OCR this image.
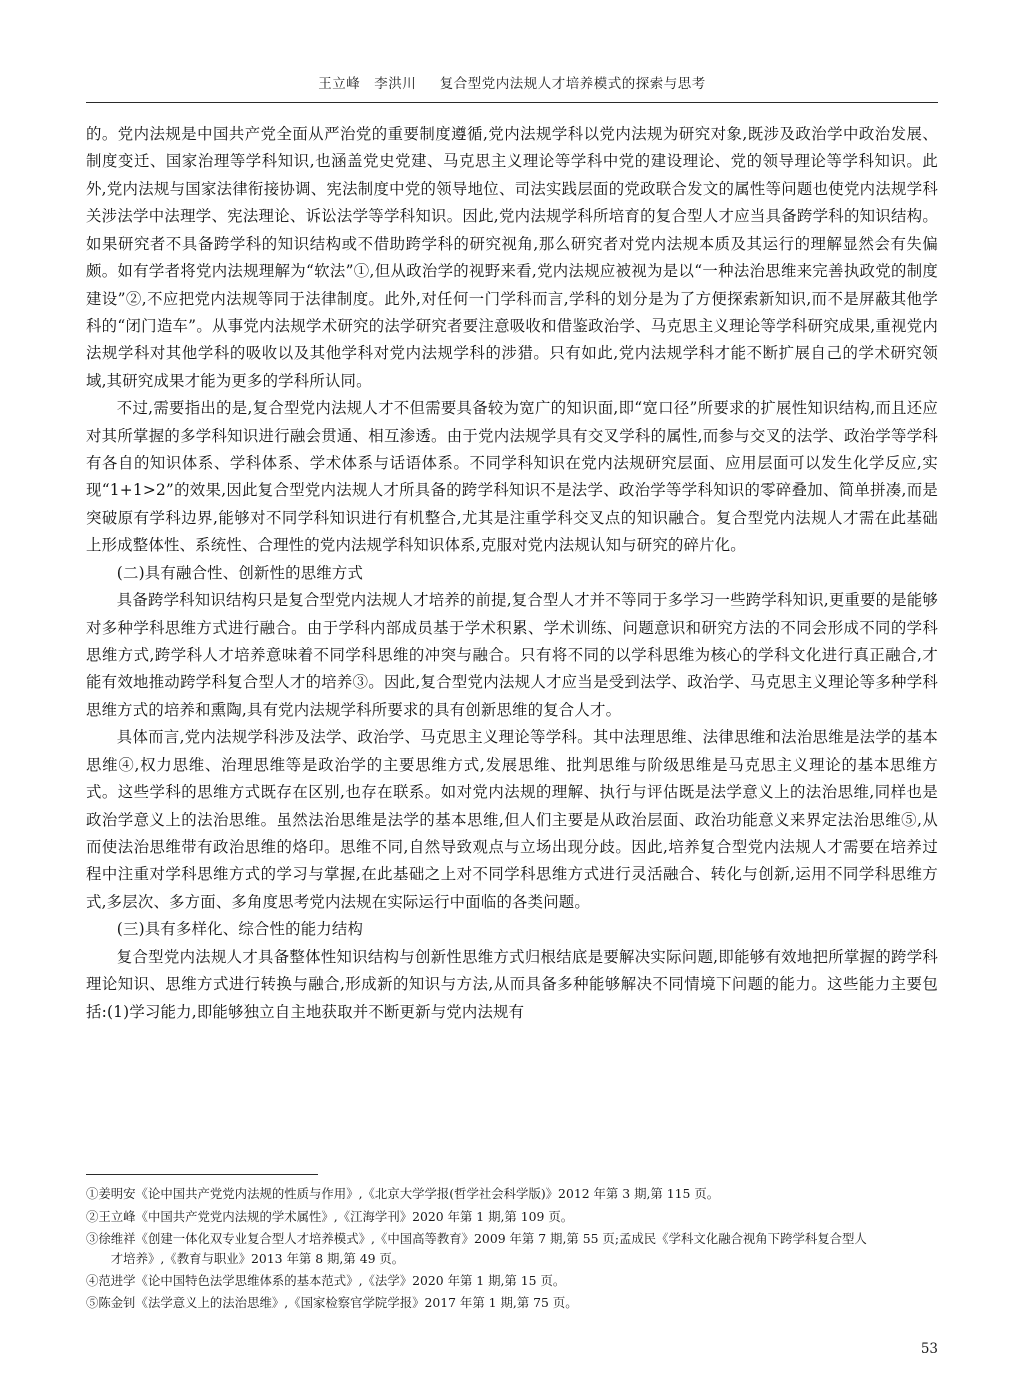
王立峰　李洪川 复合型党内法规人才培养模式的探索与思考

的。党内法规是中国共产党全面从严治党的重要制度遵循,党内法规学科以党内法规为研究对象,既涉及政治学中政治发展、制度变迁、国家治理等学科知识,也涵盖党史党建、马克思主义理论等学科中党的建设理论、党的领导理论等学科知识。此外,党内法规与国家法律衔接协调、宪法制度中党的领导地位、司法实践层面的党政联合发文的属性等问题也使党内法规学科关涉法学中法理学、宪法理论、诉讼法学等学科知识。因此,党内法规学科所培育的复合型人才应当具备跨学科的知识结构。如果研究者不具备跨学科的知识结构或不借助跨学科的研究视角,那么研究者对党内法规本质及其运行的理解显然会有失偏颇。如有学者将党内法规理解为“软法”①,但从政治学的视野来看,党内法规应被视为是以“一种法治思维来完善执政党的制度建设”②,不应把党内法规等同于法律制度。此外,对任何一门学科而言,学科的划分是为了方便探索新知识,而不是屏蔽其他学科的“闭门造车”。从事党内法规学术研究的法学研究者要注意吸收和借鉴政治学、马克思主义理论等学科研究成果,重视党内法规学科对其他学科的吸收以及其他学科对党内法规学科的涉猎。只有如此,党内法规学科才能不断扩展自己的学术研究领域,其研究成果才能为更多的学科所认同。

不过,需要指出的是,复合型党内法规人才不但需要具备较为宽广的知识面,即“宽口径”所要求的扩展性知识结构,而且还应对其所掌握的多学科知识进行融会贯通、相互渗透。由于党内法规学具有交叉学科的属性,而参与交叉的法学、政治学等学科有各自的知识体系、学科体系、学术体系与话语体系。不同学科知识在党内法规研究层面、应用层面可以发生化学反应,实现“1+1>2”的效果,因此复合型党内法规人才所具备的跨学科知识不是法学、政治学等学科知识的零碎叠加、简单拼凑,而是突破原有学科边界,能够对不同学科知识进行有机整合,尤其是注重学科交叉点的知识融合。复合型党内法规人才需在此基础上形成整体性、系统性、合理性的党内法规学科知识体系,克服对党内法规认知与研究的碎片化。

(二)具有融合性、创新性的思维方式

具备跨学科知识结构只是复合型党内法规人才培养的前提,复合型人才并不等同于多学习一些跨学科知识,更重要的是能够对多种学科思维方式进行融合。由于学科内部成员基于学术积累、学术训练、问题意识和研究方法的不同会形成不同的学科思维方式,跨学科人才培养意味着不同学科思维的冲突与融合。只有将不同的以学科思维为核心的学科文化进行真正融合,才能有效地推动跨学科复合型人才的培养③。因此,复合型党内法规人才应当是受到法学、政治学、马克思主义理论等多种学科思维方式的培养和熏陶,具有党内法规学科所要求的具有创新思维的复合人才。

具体而言,党内法规学科涉及法学、政治学、马克思主义理论等学科。其中法理思维、法律思维和法治思维是法学的基本思维④,权力思维、治理思维等是政治学的主要思维方式,发展思维、批判思维与阶级思维是马克思主义理论的基本思维方式。这些学科的思维方式既存在区别,也存在联系。如对党内法规的理解、执行与评估既是法学意义上的法治思维,同样也是政治学意义上的法治思维。虽然法治思维是法学的基本思维,但人们主要是从政治层面、政治功能意义来界定法治思维⑤,从而使法治思维带有政治思维的烙印。思维不同,自然导致观点与立场出现分歧。因此,培养复合型党内法规人才需要在培养过程中注重对学科思维方式的学习与掌握,在此基础之上对不同学科思维方式进行灵活融合、转化与创新,运用不同学科思维方式,多层次、多方面、多角度思考党内法规在实际运行中面临的各类问题。

(三)具有多样化、综合性的能力结构

复合型党内法规人才具备整体性知识结构与创新性思维方式归根结底是要解决实际问题,即能够有效地把所掌握的跨学科理论知识、思维方式进行转换与融合,形成新的知识与方法,从而具备多种能够解决不同情境下问题的能力。这些能力主要包括:(1)学习能力,即能够独立自主地获取并不断更新与党内法规有

①姜明安《论中国共产党党内法规的性质与作用》,《北京大学学报(哲学社会科学版)》2012 年第 3 期,第 115 页。

②王立峰《中国共产党党内法规的学术属性》,《江海学刊》2020 年第 1 期,第 109 页。

③徐维祥《创建一体化双专业复合型人才培养模式》,《中国高等教育》2009 年第 7 期,第 55 页;孟成民《学科文化融合视角下跨学科复合型人
才培养》,《教育与职业》2013 年第 8 期,第 49 页。

④范进学《论中国特色法学思维体系的基本范式》,《法学》2020 年第 1 期,第 15 页。

⑤陈金钊《法学意义上的法治思维》,《国家检察官学院学报》2017 年第 1 期,第 75 页。

53
